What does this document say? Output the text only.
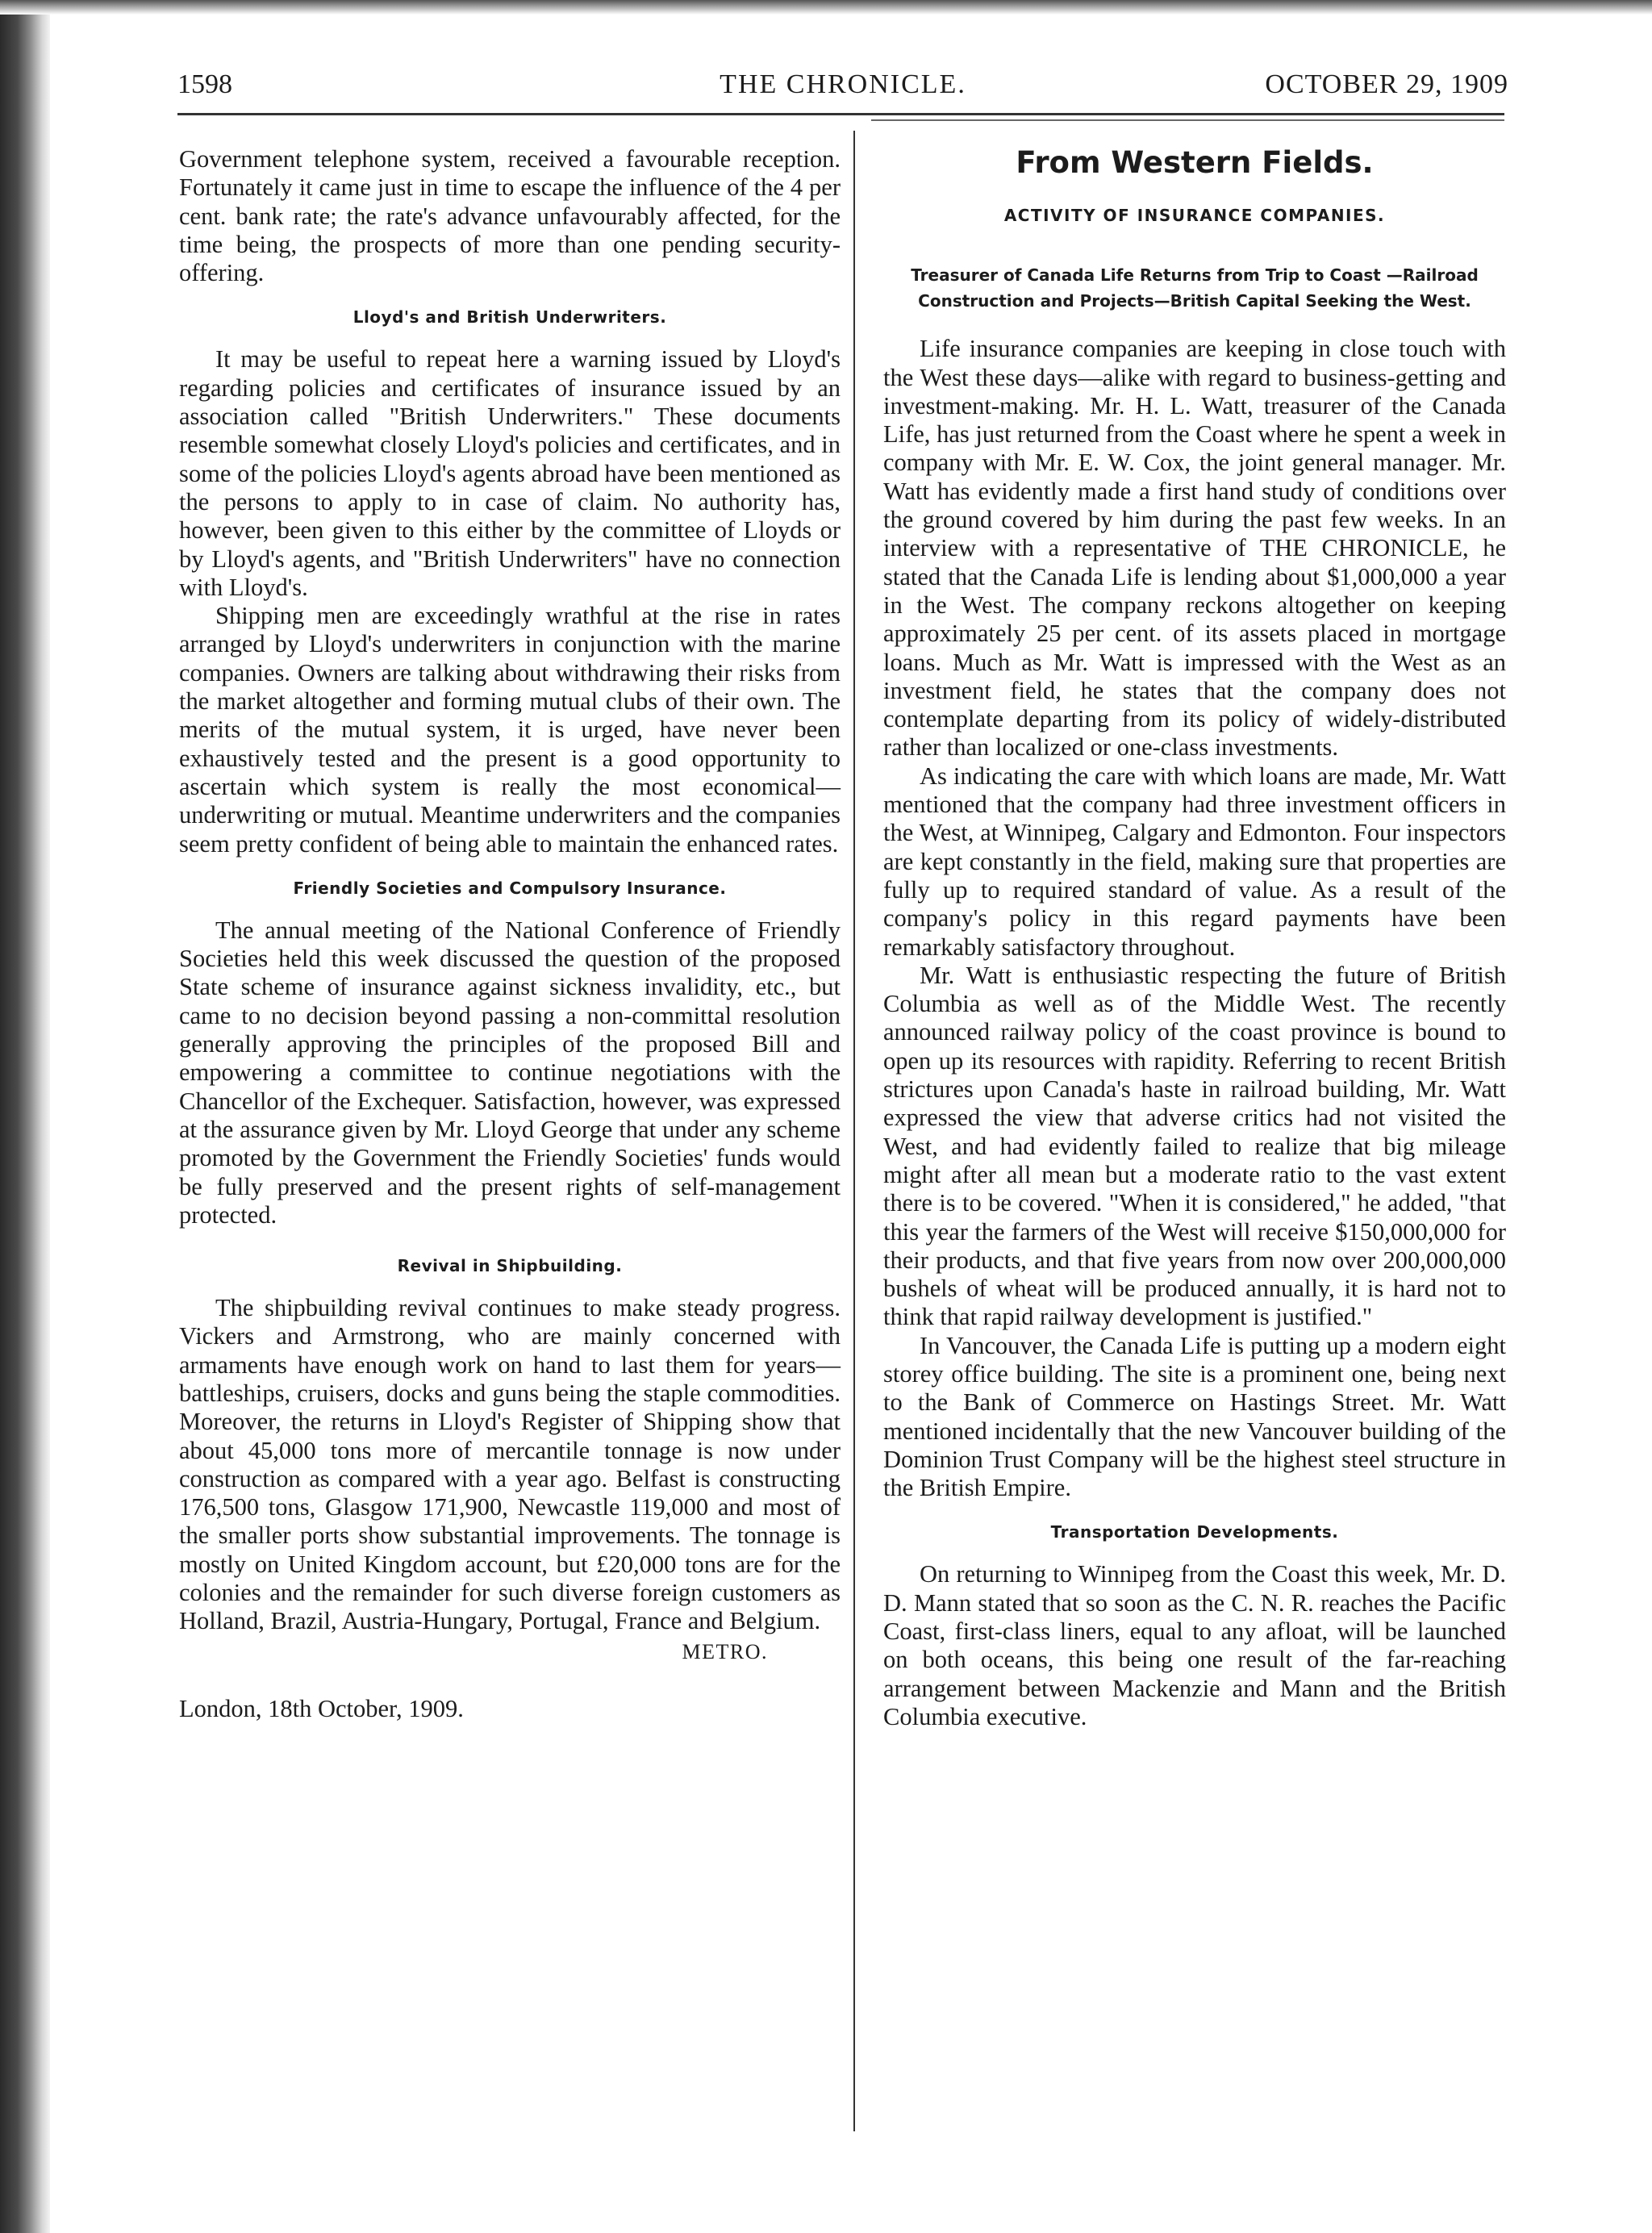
1598	THE CHRONICLE.	OCTOBER 29, 1909

Government telephone system, received a favourable reception. Fortunately it came just in time to escape the influence of the 4 per cent. bank rate; the rate's advance unfavourably affected, for the time being, the prospects of more than one pending security-offering.

Lloyd's and British Underwriters.

It may be useful to repeat here a warning issued by Lloyd's regarding policies and certificates of insurance issued by an association called "British Underwriters." These documents resemble somewhat closely Lloyd's policies and certificates, and in some of the policies Lloyd's agents abroad have been mentioned as the persons to apply to in case of claim. No authority has, however, been given to this either by the committee of Lloyds or by Lloyd's agents, and "British Underwriters" have no connection with Lloyd's.

Shipping men are exceedingly wrathful at the rise in rates arranged by Lloyd's underwriters in conjunction with the marine companies. Owners are talking about withdrawing their risks from the market altogether and forming mutual clubs of their own. The merits of the mutual system, it is urged, have never been exhaustively tested and the present is a good opportunity to ascertain which system is really the most economical—underwriting or mutual. Meantime underwriters and the companies seem pretty confident of being able to maintain the enhanced rates.

Friendly Societies and Compulsory Insurance.

The annual meeting of the National Conference of Friendly Societies held this week discussed the question of the proposed State scheme of insurance against sickness invalidity, etc., but came to no decision beyond passing a non-committal resolution generally approving the principles of the proposed Bill and empowering a committee to continue negotiations with the Chancellor of the Exchequer. Satisfaction, however, was expressed at the assurance given by Mr. Lloyd George that under any scheme promoted by the Government the Friendly Societies' funds would be fully preserved and the present rights of self-management protected.

Revival in Shipbuilding.

The shipbuilding revival continues to make steady progress. Vickers and Armstrong, who are mainly concerned with armaments have enough work on hand to last them for years—battleships, cruisers, docks and guns being the staple commodities. Moreover, the returns in Lloyd's Register of Shipping show that about 45,000 tons more of mercantile tonnage is now under construction as compared with a year ago. Belfast is constructing 176,500 tons, Glasgow 171,900, Newcastle 119,000 and most of the smaller ports show substantial improvements. The tonnage is mostly on United Kingdom account, but £20,000 tons are for the colonies and the remainder for such diverse foreign customers as Holland, Brazil, Austria-Hungary, Portugal, France and Belgium.

METRO.
London, 18th October, 1909.
From Western Fields.
ACTIVITY OF INSURANCE COMPANIES.
Treasurer of Canada Life Returns from Trip to Coast —Railroad Construction and Projects—British Capital Seeking the West.

Life insurance companies are keeping in close touch with the West these days—alike with regard to business-getting and investment-making. Mr. H. L. Watt, treasurer of the Canada Life, has just returned from the Coast where he spent a week in company with Mr. E. W. Cox, the joint general manager. Mr. Watt has evidently made a first hand study of conditions over the ground covered by him during the past few weeks. In an interview with a representative of THE CHRONICLE, he stated that the Canada Life is lending about $1,000,000 a year in the West. The company reckons altogether on keeping approximately 25 per cent. of its assets placed in mortgage loans. Much as Mr. Watt is impressed with the West as an investment field, he states that the company does not contemplate departing from its policy of widely-distributed rather than localized or one-class investments.

As indicating the care with which loans are made, Mr. Watt mentioned that the company had three investment officers in the West, at Winnipeg, Calgary and Edmonton. Four inspectors are kept constantly in the field, making sure that properties are fully up to required standard of value. As a result of the company's policy in this regard payments have been remarkably satisfactory throughout.

Mr. Watt is enthusiastic respecting the future of British Columbia as well as of the Middle West. The recently announced railway policy of the coast province is bound to open up its resources with rapidity. Referring to recent British strictures upon Canada's haste in railroad building, Mr. Watt expressed the view that adverse critics had not visited the West, and had evidently failed to realize that big mileage might after all mean but a moderate ratio to the vast extent there is to be covered. "When it is considered," he added, "that this year the farmers of the West will receive $150,000,000 for their products, and that five years from now over 200,000,000 bushels of wheat will be produced annually, it is hard not to think that rapid railway development is justified."

In Vancouver, the Canada Life is putting up a modern eight storey office building. The site is a prominent one, being next to the Bank of Commerce on Hastings Street. Mr. Watt mentioned incidentally that the new Vancouver building of the Dominion Trust Company will be the highest steel structure in the British Empire.

Transportation Developments.

On returning to Winnipeg from the Coast this week, Mr. D. D. Mann stated that so soon as the C. N. R. reaches the Pacific Coast, first-class liners, equal to any afloat, will be launched on both oceans, this being one result of the far-reaching arrangement between Mackenzie and Mann and the British Columbia executive.
